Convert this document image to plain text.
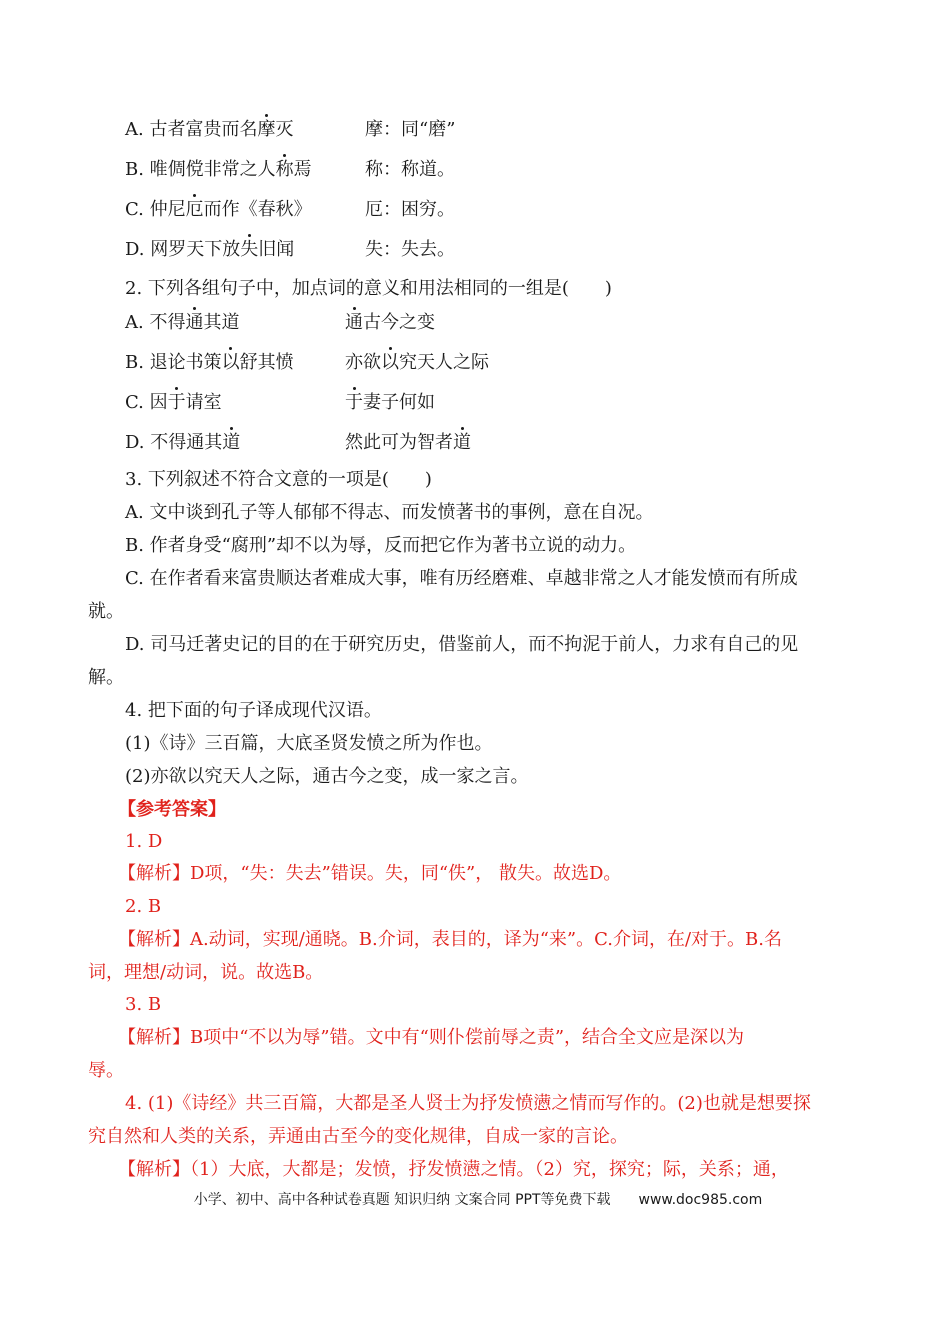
A. 古者富贵而名摩灭	摩：同“磨”
B. 唯倜傥非常之人称焉	称：称道。
C. 仲尼厄而作《春秋》	厄：困穷。
D. 网罗天下放失旧闻	失：失去。
2. 下列各组句子中，加点词的意义和用法相同的一组是(　　)
A. 不得通其道	通古今之变
B. 退论书策以舒其愤	亦欲以究天人之际
C. 因于请室	于妻子何如
D. 不得通其道	然此可为智者道
3. 下列叙述不符合文意的一项是(　　)
A. 文中谈到孔子等人郁郁不得志、而发愤著书的事例，意在自况。
B. 作者身受“腐刑”却不以为辱，反而把它作为著书立说的动力。
C. 在作者看来富贵顺达者难成大事，唯有历经磨难、卓越非常之人才能发愤而有所成
就。
D. 司马迁著史记的目的在于研究历史，借鉴前人，而不拘泥于前人，力求有自己的见
解。
4. 把下面的句子译成现代汉语。
(1)《诗》三百篇，大底圣贤发愤之所为作也。
(2)亦欲以究天人之际，通古今之变，成一家之言。
【参考答案】
1. D
【解析】D项，“失：失去”错误。失，同“佚”， 散失。故选D。
2. B
【解析】A.动词，实现/通晓。B.介词，表目的，译为“来”。C.介词，在/对于。B.名
词，理想/动词，说。故选B。
3. B
【解析】B项中“不以为辱”错。文中有“则仆偿前辱之责”，结合全文应是深以为
辱。
4. (1)《诗经》共三百篇，大都是圣人贤士为抒发愤懑之情而写作的。(2)也就是想要探
究自然和人类的关系，弄通由古至今的变化规律，自成一家的言论。
【解析】（1）大底，大都是；发愤，抒发愤懑之情。（2）究，探究；际，关系；通，
小学、初中、高中各种试卷真题 知识归纳 文案合同 PPT等免费下载　　www.doc985.com
